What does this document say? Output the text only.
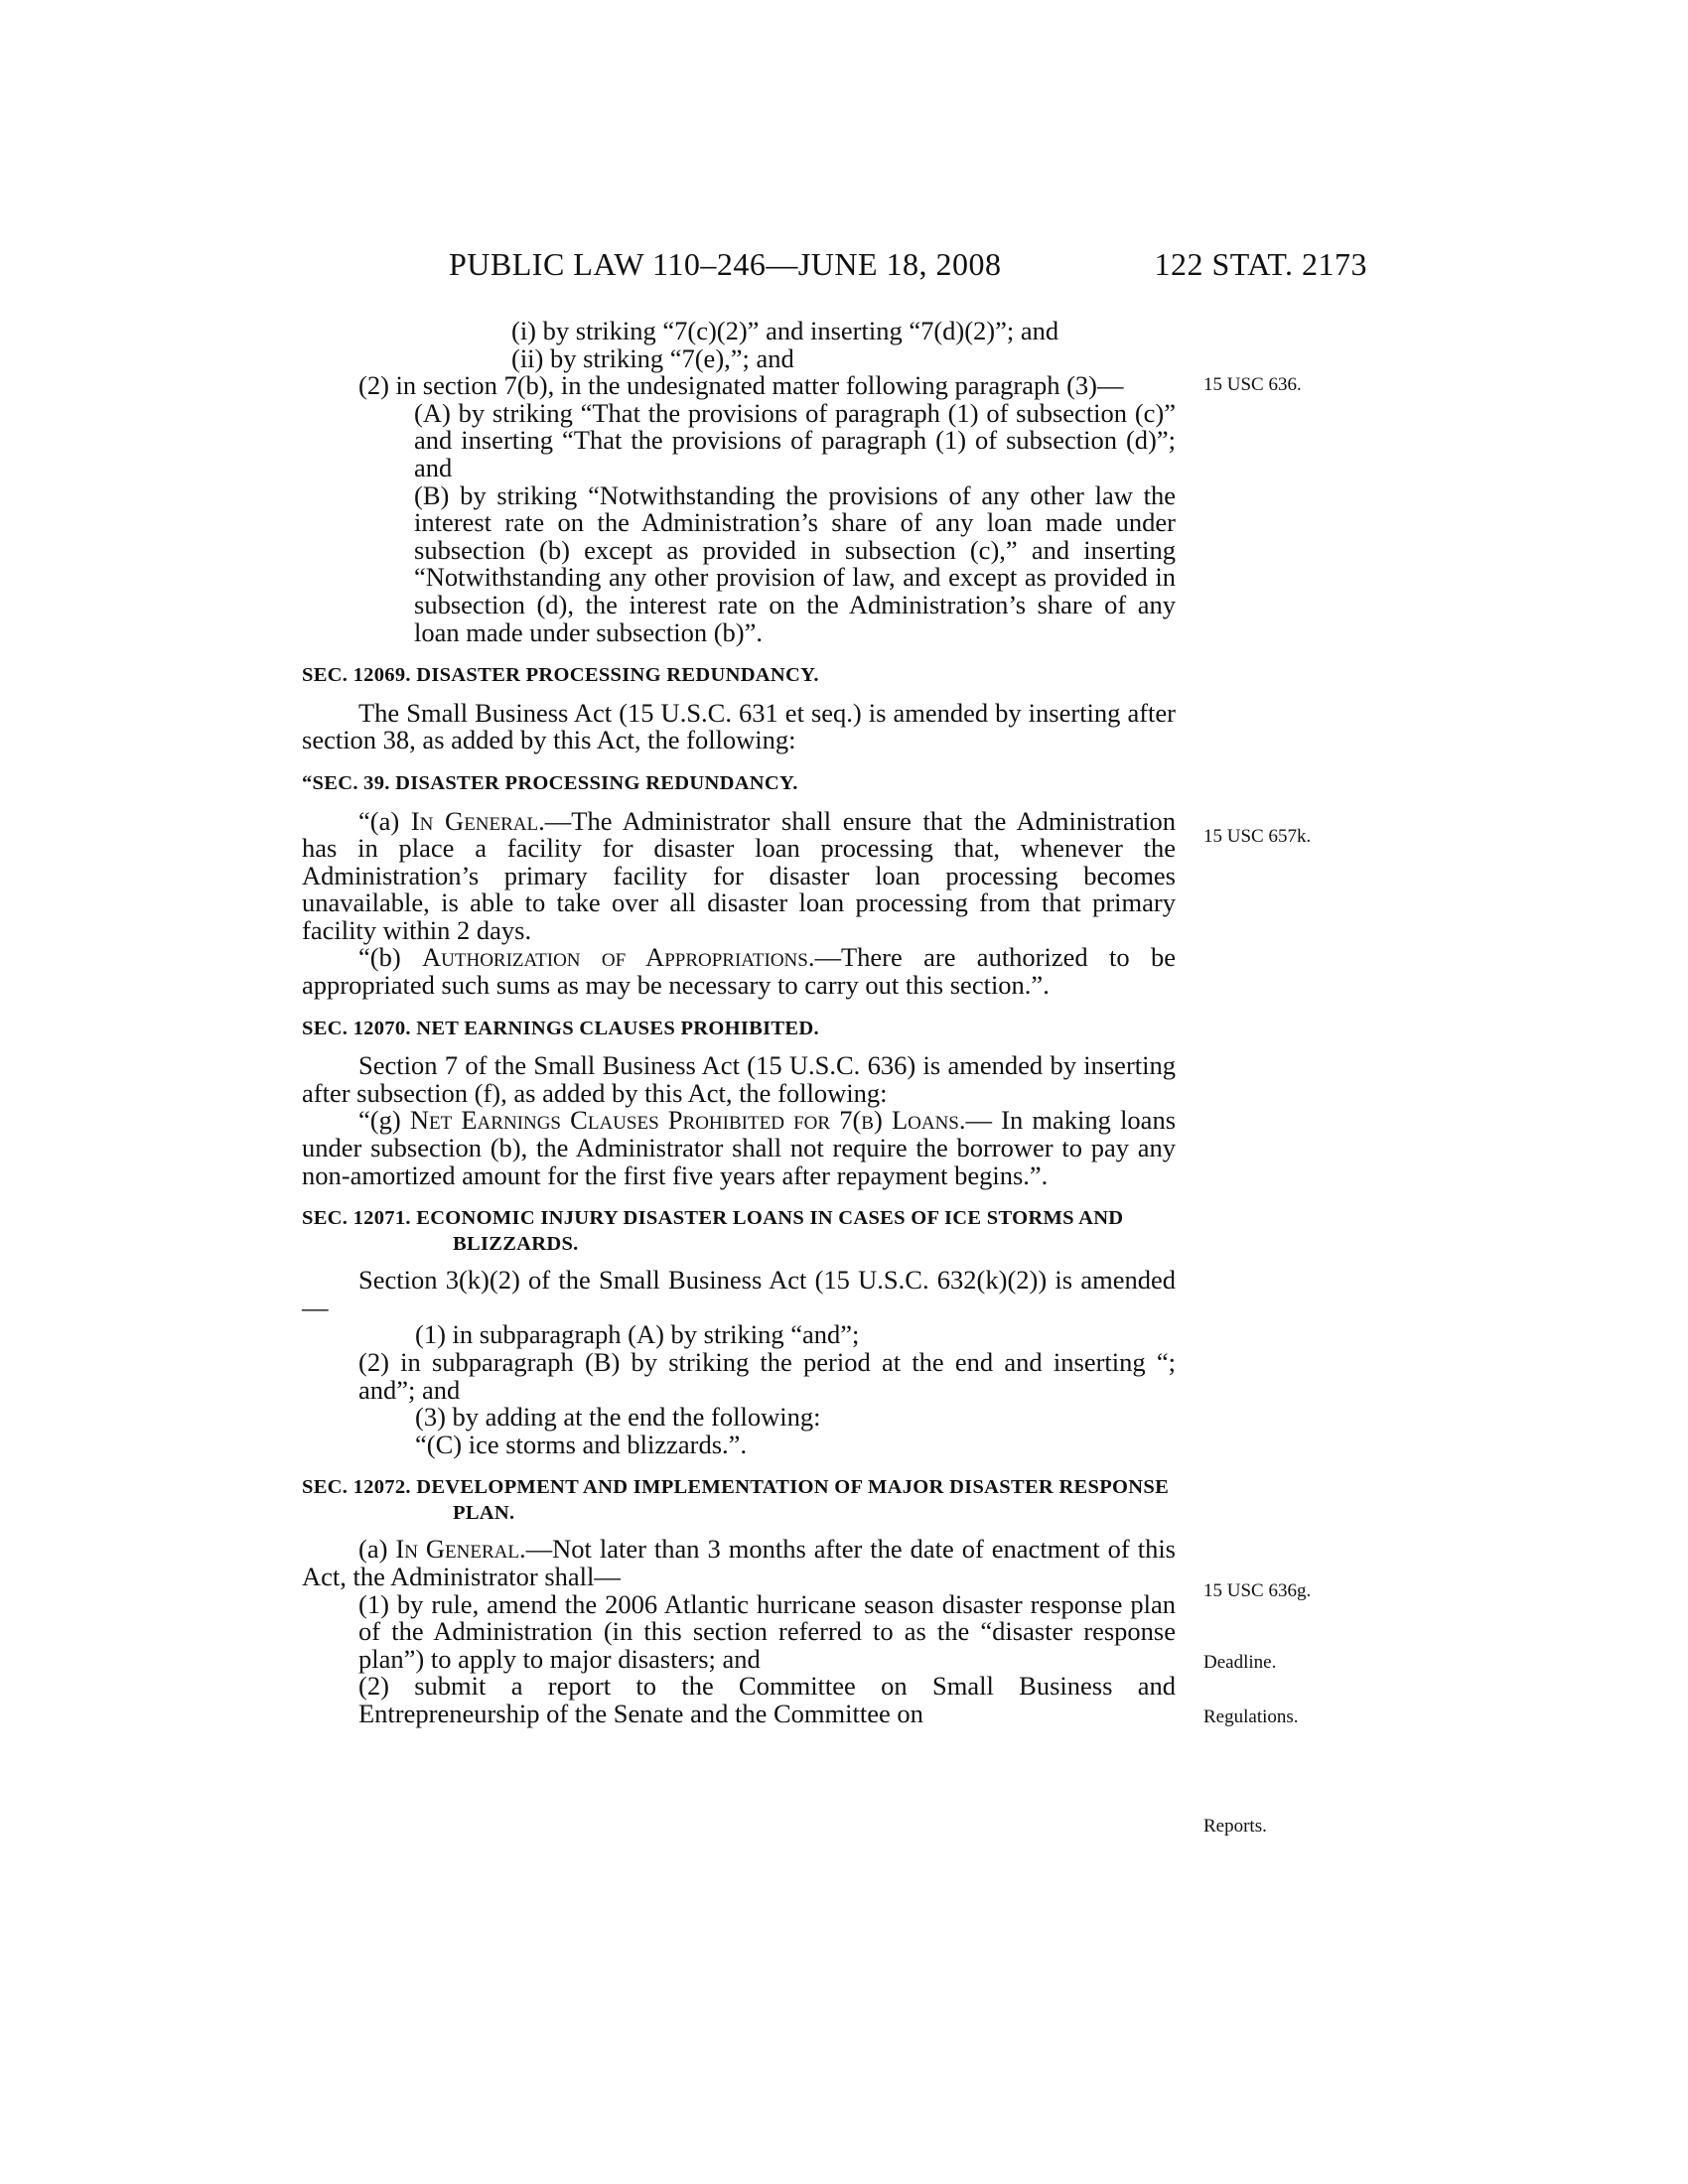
PUBLIC LAW 110–246—JUNE 18, 2008	122 STAT. 2173

(i) by striking “7(c)(2)” and inserting “7(d)(2)”; and

(ii) by striking “7(e),”; and

(2) in section 7(b), in the undesignated matter following paragraph (3)—

(A) by striking “That the provisions of paragraph (1) of subsection (c)” and inserting “That the provisions of paragraph (1) of subsection (d)”; and

(B) by striking “Notwithstanding the provisions of any other law the interest rate on the Administration’s share of any loan made under subsection (b) except as provided in subsection (c),” and inserting “Notwithstanding any other provision of law, and except as provided in subsection (d), the interest rate on the Administration’s share of any loan made under subsection (b)”.

SEC. 12069. DISASTER PROCESSING REDUNDANCY.

The Small Business Act (15 U.S.C. 631 et seq.) is amended by inserting after section 38, as added by this Act, the following:

“SEC. 39. DISASTER PROCESSING REDUNDANCY.

“(a) In General.—The Administrator shall ensure that the Administration has in place a facility for disaster loan processing that, whenever the Administration’s primary facility for disaster loan processing becomes unavailable, is able to take over all disaster loan processing from that primary facility within 2 days.

“(b) Authorization of Appropriations.—There are authorized to be appropriated such sums as may be necessary to carry out this section.”.

SEC. 12070. NET EARNINGS CLAUSES PROHIBITED.

Section 7 of the Small Business Act (15 U.S.C. 636) is amended by inserting after subsection (f), as added by this Act, the following:

“(g) Net Earnings Clauses Prohibited for 7(b) Loans.— In making loans under subsection (b), the Administrator shall not require the borrower to pay any non-amortized amount for the first five years after repayment begins.”.

SEC. 12071. ECONOMIC INJURY DISASTER LOANS IN CASES OF ICE STORMS AND BLIZZARDS.

Section 3(k)(2) of the Small Business Act (15 U.S.C. 632(k)(2)) is amended—

(1) in subparagraph (A) by striking “and”;

(2) in subparagraph (B) by striking the period at the end and inserting “; and”; and

(3) by adding at the end the following:

“(C) ice storms and blizzards.”.

SEC. 12072. DEVELOPMENT AND IMPLEMENTATION OF MAJOR DISASTER RESPONSE PLAN.

(a) In General.—Not later than 3 months after the date of enactment of this Act, the Administrator shall—

(1) by rule, amend the 2006 Atlantic hurricane season disaster response plan of the Administration (in this section referred to as the “disaster response plan”) to apply to major disasters; and

(2) submit a report to the Committee on Small Business and Entrepreneurship of the Senate and the Committee on

15 USC 636.
15 USC 657k.
15 USC 636g.
Deadline.
Regulations.
Reports.
